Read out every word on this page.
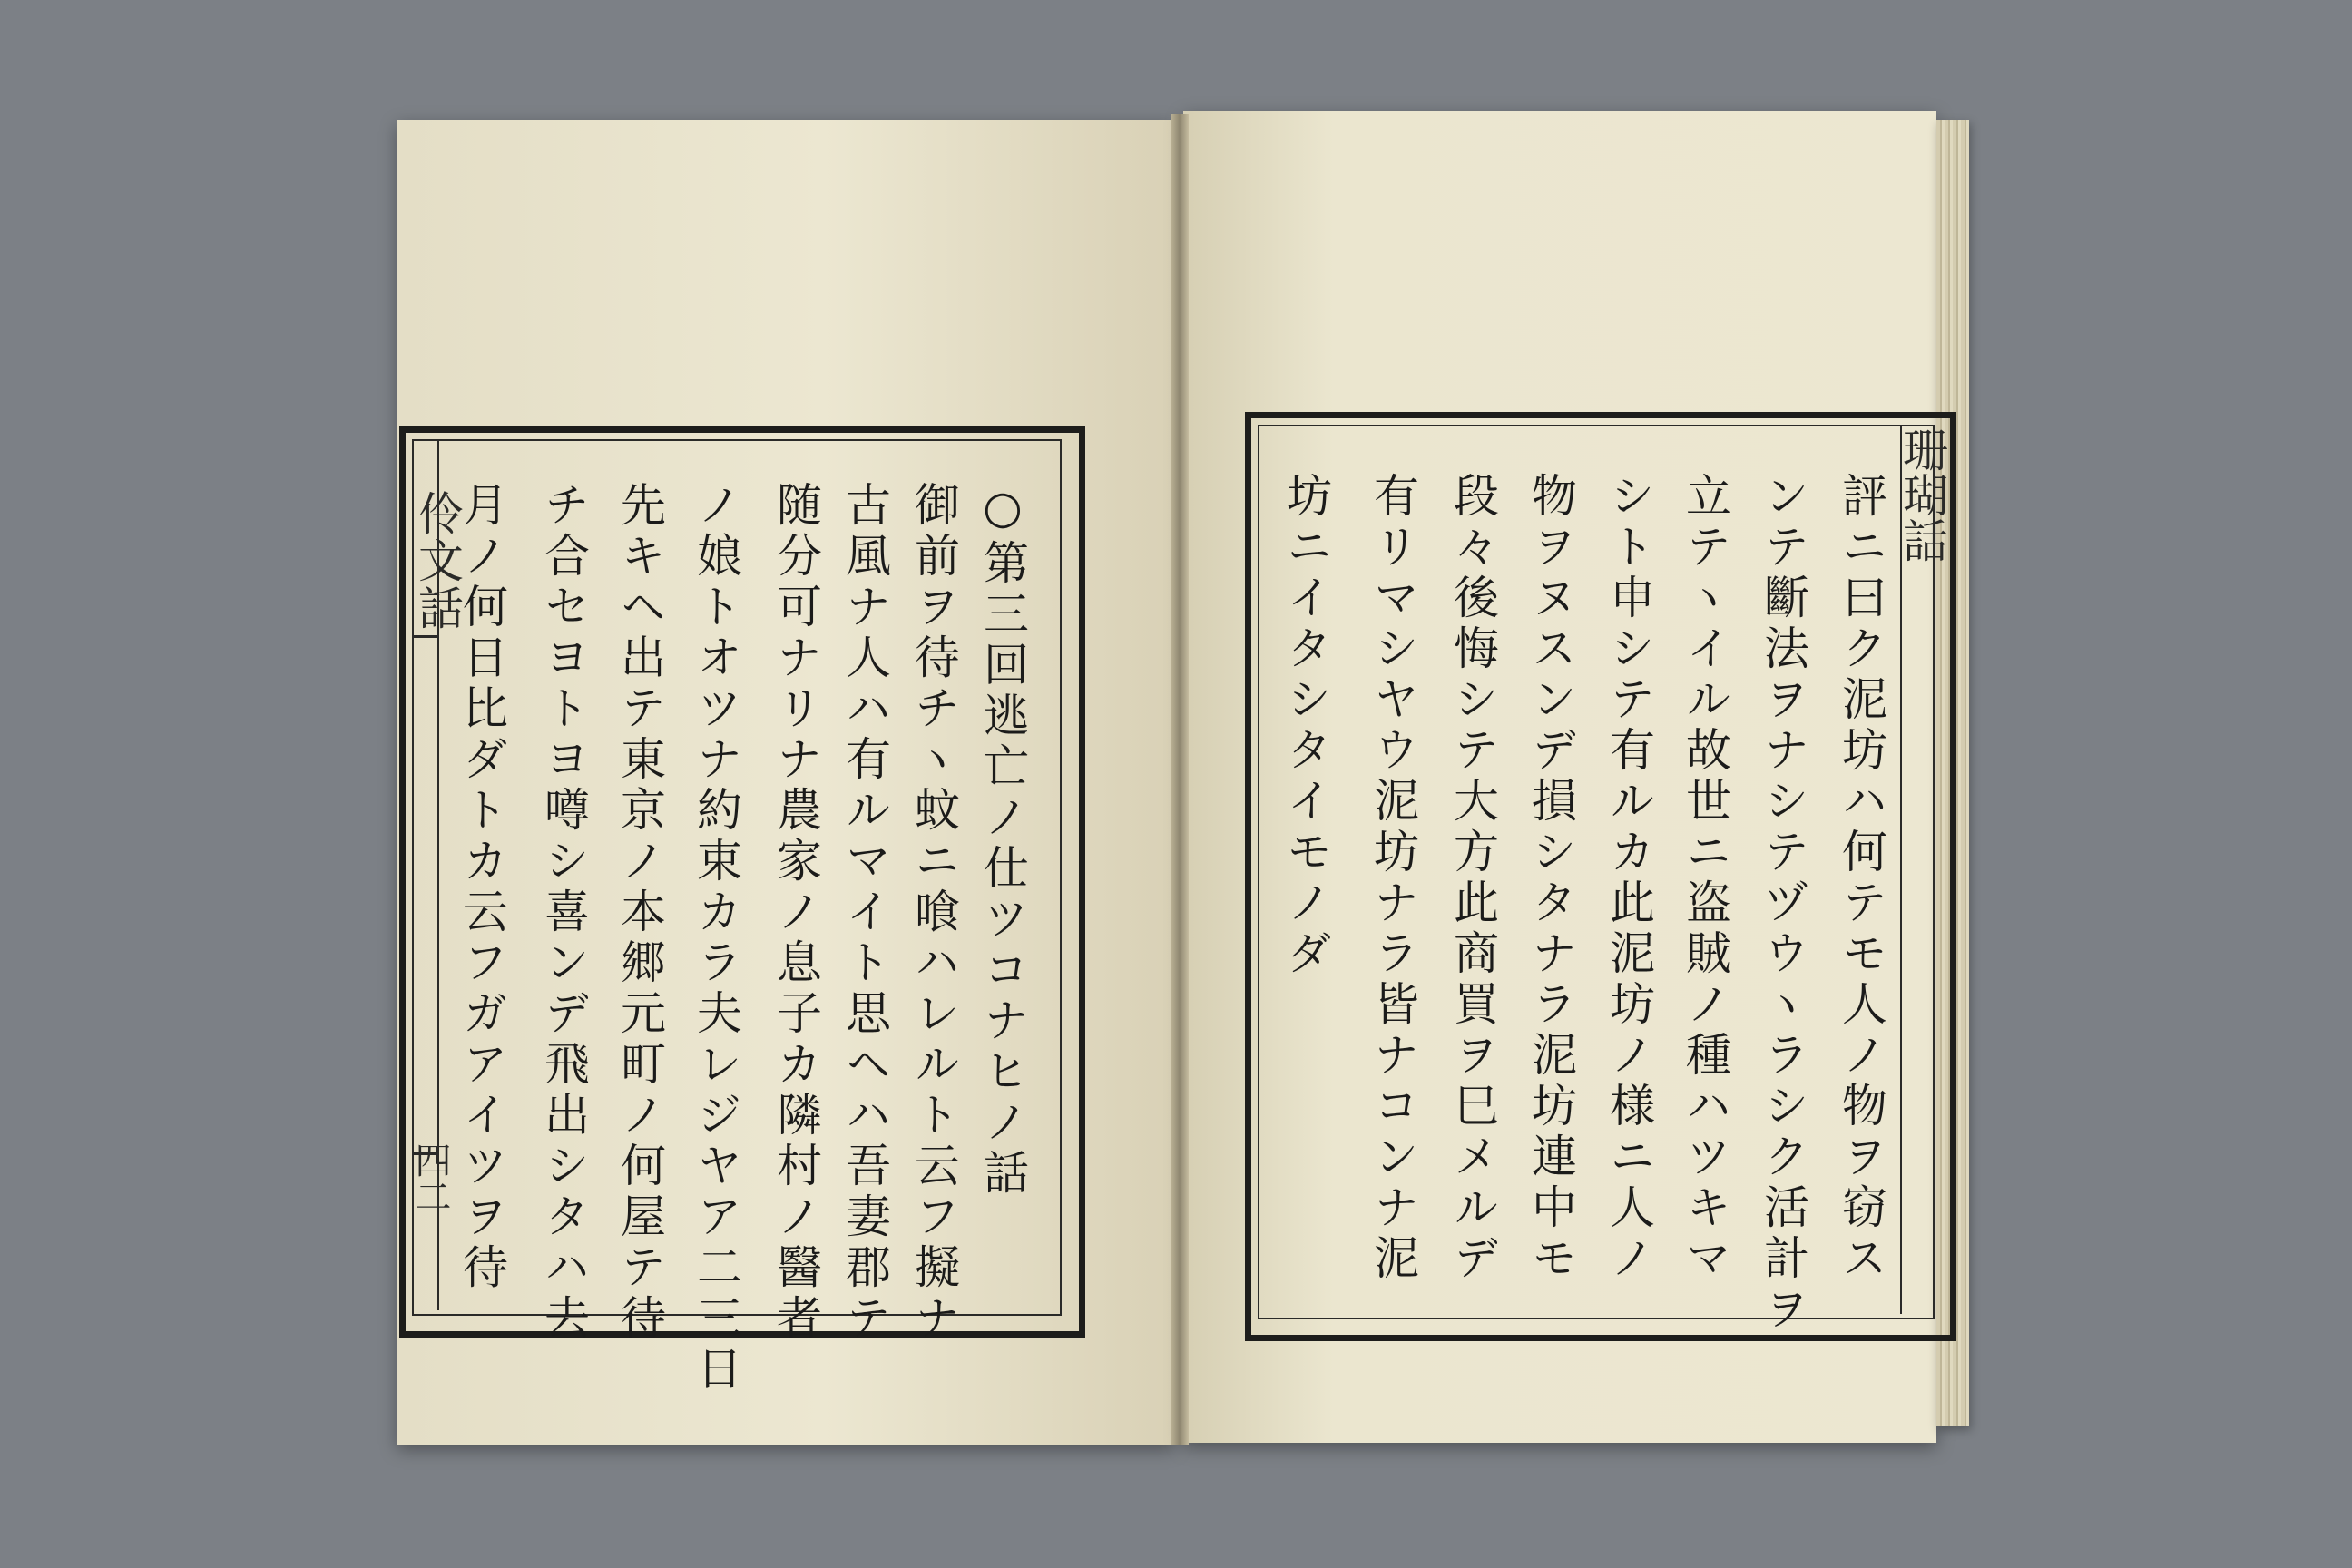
伶文話
四二	○第三回逃亡ノ仕ツコナヒノ話
御前ヲ待チヽ蚊ニ喰ハレルト云フ擬ナ
古風ナ人ハ有ルマイト思ヘハ吾妻郡テ
随分可ナリナ農家ノ息子カ隣村ノ醫者
ノ娘トオツナ約束カラ夫レジヤア二三日
先キヘ出テ東京ノ本郷元町ノ何屋テ待
チ合セヨトヨ噂シ喜ンデ飛出シタハ去
月ノ何日比ダトカ云フガアイツヲ待	珊瑚話
評ニ曰ク泥坊ハ何テモ人ノ物ヲ窃ス
ンテ斷法ヲナシテヅウヽラシク活計ヲ
立テヽイル故世ニ盗賊ノ種ハツキマ
シト申シテ有ルカ此泥坊ノ様ニ人ノ
物ヲヌスンデ損シタナラ泥坊連中モ
段々後悔シテ大方此商買ヲ巳メルデ
有リマシヤウ泥坊ナラ皆ナコンナ泥
坊ニイタシタイモノダ
